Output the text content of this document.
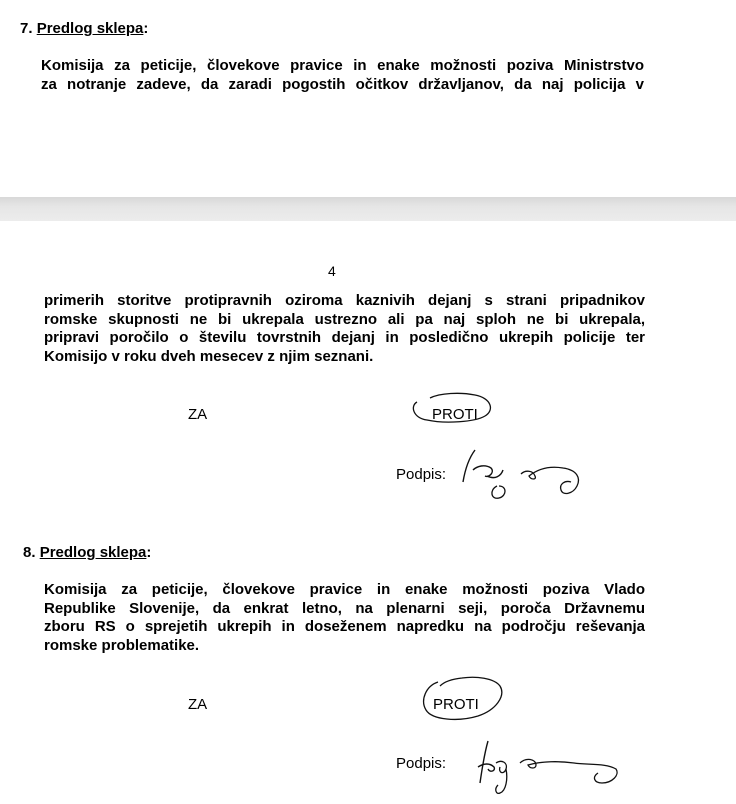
7. Predlog sklepa:
Komisija za peticije, človekove pravice in enake možnosti poziva Ministrstvo
za notranje zadeve, da zaradi pogostih očitkov državljanov, da naj policija v
4
primerih storitve protipravnih oziroma kaznivih dejanj s strani pripadnikov
romske skupnosti ne bi ukrepala ustrezno ali pa naj sploh ne bi ukrepala,
pripravi poročilo o številu tovrstnih dejanj in posledično ukrepih policije ter
Komisijo v roku dveh mesecev z njim seznani.
ZA	PROTI
Podpis:
8. Predlog sklepa:
Komisija za peticije, človekove pravice in enake možnosti poziva Vlado
Republike Slovenije, da enkrat letno, na plenarni seji, poroča Državnemu
zboru RS o sprejetih ukrepih in doseženem napredku na področju reševanja
romske problematike.
ZA	PROTI
Podpis:
